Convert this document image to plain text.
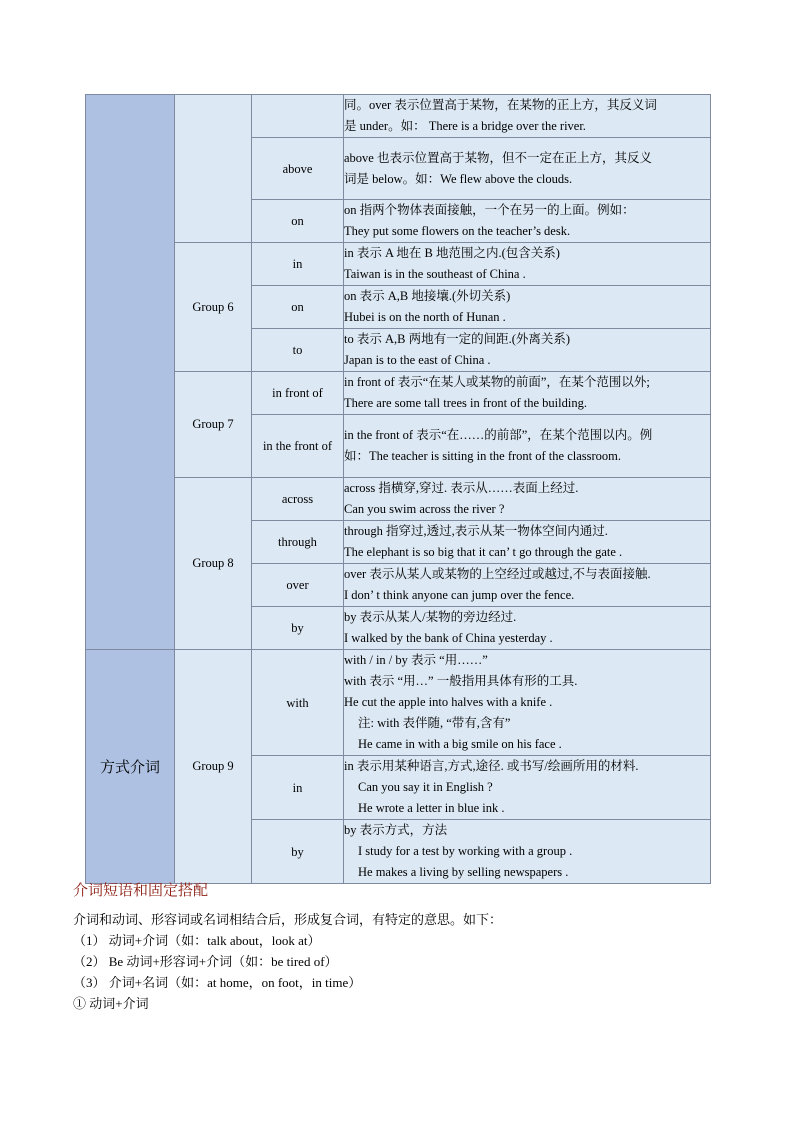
			同。over 表示位置高于某物，在某物的正上方，其反义词
是 under。如： There is a bridge over the river.

		above	above 也表示位置高于某物，但不一定在正上方，其反义
词是 below。如：We flew above the clouds.

		on	on 指两个物体表面接触，一个在另一的上面。例如：
They put some flowers on the teacher’s desk.

	Group 6	in	in 表示 A 地在 B 地范围之内.(包含关系)
Taiwan is in the southeast of China .

		on	on 表示 A,B 地接壤.(外切关系)
Hubei is on the north of Hunan .

		to	to 表示 A,B 两地有一定的间距.(外离关系)
Japan is to the east of China .

	Group 7	in front of	in front of 表示“在某人或某物的前面”，在某个范围以外;
There are some tall trees in front of the building.

		in the front of	in the front of 表示“在……的前部”，在某个范围以内。例
如：The teacher is sitting in the front of the classroom.

	Group 8	across	across 指横穿,穿过. 表示从……表面上经过.
Can you swim across the river ?

		through	through 指穿过,透过,表示从某一物体空间内通过.
The elephant is so big that it can’ t go through the gate .

		over	over 表示从某人或某物的上空经过或越过,不与表面接触.
I don’ t think anyone can jump over the fence.

		by	by 表示从某人/某物的旁边经过.
I walked by the bank of China yesterday .

方式介词	Group 9	with	with / in / by 表示 “用……”
with 表示 “用…” 一般指用具体有形的工具.
He cut the apple into halves with a knife .
注: with 表伴随, “带有,含有”
He came in with a big smile on his face .

		in	in 表示用某种语言,方式,途径. 或书写/绘画所用的材料.
Can you say it in English ?
He wrote a letter in blue ink .

		by	by 表示方式，方法
I study for a test by working with a group .
He makes a living by selling newspapers .
介词短语和固定搭配
介词和动词、形容词或名词相结合后，形成复合词，有特定的意思。如下：
（1） 动词+介词（如：talk about，look at）
（2） Be 动词+形容词+介词（如：be tired of）
（3） 介词+名词（如：at home，on foot，in time）
① 动词+介词
